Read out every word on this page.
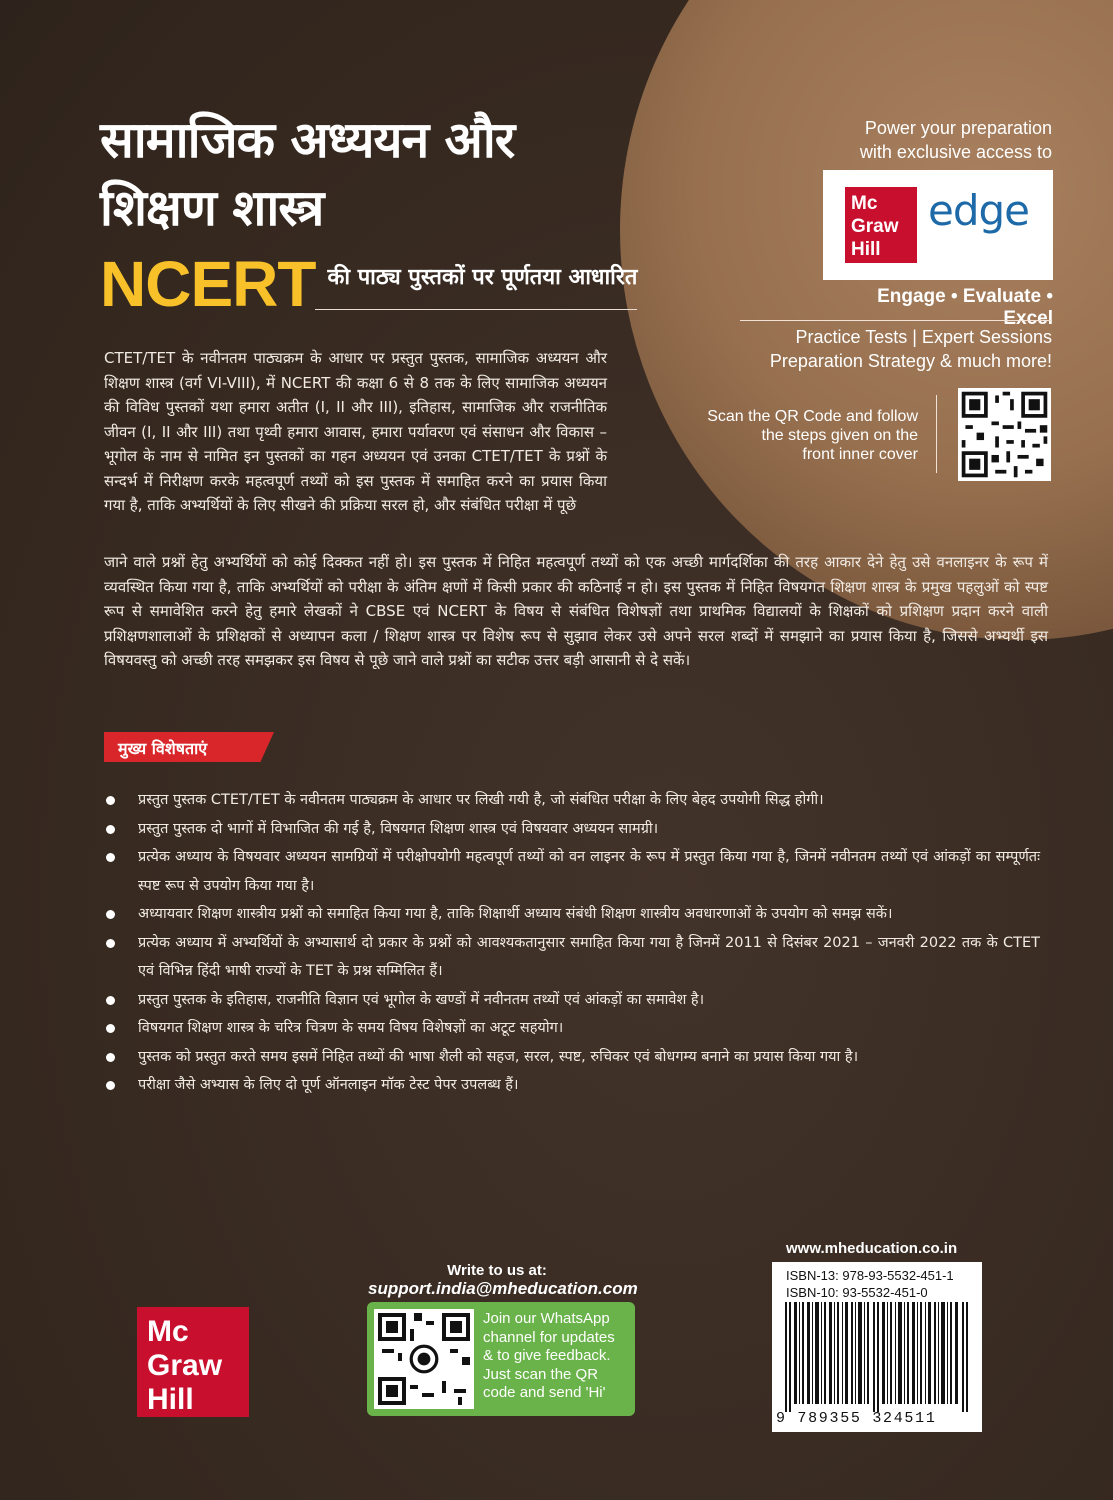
सामाजिक अध्ययन और
शिक्षण शास्त्र
NCERT की पाठ्य पुस्तकों पर पूर्णतया आधारित
Power your preparation
with exclusive access to
Mc
Graw
Hill
edge
Engage • Evaluate • Excel
Practice Tests | Expert Sessions
Preparation Strategy & much more!
Scan the QR Code and follow
the steps given on the
front inner cover
CTET/TET के नवीनतम पाठ्यक्रम के आधार पर प्रस्तुत पुस्तक, सामाजिक अध्ययन और शिक्षण शास्त्र (वर्ग VI-VIII), में NCERT की कक्षा 6 से 8 तक के लिए सामाजिक अध्ययन की विविध पुस्तकों यथा हमारा अतीत (I, II और III), इतिहास, सामाजिक और राजनीतिक जीवन (I, II और III) तथा पृथ्वी हमारा आवास, हमारा पर्यावरण एवं संसाधन और विकास – भूगोल के नाम से नामित इन पुस्तकों का गहन अध्ययन एवं उनका CTET/TET के प्रश्नों के सन्दर्भ में निरीक्षण करके महत्वपूर्ण तथ्यों को इस पुस्तक में समाहित करने का प्रयास किया गया है, ताकि अभ्यर्थियों के लिए सीखने की प्रक्रिया सरल हो, और संबंधित परीक्षा में पूछे
जाने वाले प्रश्नों हेतु अभ्यर्थियों को कोई दिक्कत नहीं हो। इस पुस्तक में निहित महत्वपूर्ण तथ्यों को एक अच्छी मार्गदर्शिका की तरह आकार देने हेतु उसे वनलाइनर के रूप में व्यवस्थित किया गया है, ताकि अभ्यर्थियों को परीक्षा के अंतिम क्षणों में किसी प्रकार की कठिनाई न हो। इस पुस्तक में निहित विषयगत शिक्षण शास्त्र के प्रमुख पहलुओं को स्पष्ट रूप से समावेशित करने हेतु हमारे लेखकों ने CBSE एवं NCERT के विषय से संबंधित विशेषज्ञों तथा प्राथमिक विद्यालयों के शिक्षकों को प्रशिक्षण प्रदान करने वाली प्रशिक्षणशालाओं के प्रशिक्षकों से अध्यापन कला / शिक्षण शास्त्र पर विशेष रूप से सुझाव लेकर उसे अपने सरल शब्दों में समझाने का प्रयास किया है, जिससे अभ्यर्थी इस विषयवस्तु को अच्छी तरह समझकर इस विषय से पूछे जाने वाले प्रश्नों का सटीक उत्तर बड़ी आसानी से दे सकें।
मुख्य विशेषताएं
प्रस्तुत पुस्तक CTET/TET के नवीनतम पाठ्यक्रम के आधार पर लिखी गयी है, जो संबंधित परीक्षा के लिए बेहद उपयोगी सिद्ध होगी।
प्रस्तुत पुस्तक दो भागों में विभाजित की गई है, विषयगत शिक्षण शास्त्र एवं विषयवार अध्ययन सामग्री।
प्रत्येक अध्याय के विषयवार अध्ययन सामग्रियों में परीक्षोपयोगी महत्वपूर्ण तथ्यों को वन लाइनर के रूप में प्रस्तुत किया गया है, जिनमें नवीनतम तथ्यों एवं आंकड़ों का सम्पूर्णतः स्पष्ट रूप से उपयोग किया गया है।
अध्यायवार शिक्षण शास्त्रीय प्रश्नों को समाहित किया गया है, ताकि शिक्षार्थी अध्याय संबंधी शिक्षण शास्त्रीय अवधारणाओं के उपयोग को समझ सकें।
प्रत्येक अध्याय में अभ्यर्थियों के अभ्यासार्थ दो प्रकार के प्रश्नों को आवश्यकतानुसार समाहित किया गया है जिनमें 2011 से दिसंबर 2021 – जनवरी 2022 तक के CTET एवं विभिन्न हिंदी भाषी राज्यों के TET के प्रश्न सम्मिलित हैं।
प्रस्तुत पुस्तक के इतिहास, राजनीति विज्ञान एवं भूगोल के खण्डों में नवीनतम तथ्यों एवं आंकड़ों का समावेश है।
विषयगत शिक्षण शास्त्र के चरित्र चित्रण के समय विषय विशेषज्ञों का अटूट सहयोग।
पुस्तक को प्रस्तुत करते समय इसमें निहित तथ्यों की भाषा शैली को सहज, सरल, स्पष्ट, रुचिकर एवं बोधगम्य बनाने का प्रयास किया गया है।
परीक्षा जैसे अभ्यास के लिए दो पूर्ण ऑनलाइन मॉक टेस्ट पेपर उपलब्ध हैं।
Mc
Graw
Hill
Write to us at:
support.india@mheducation.com
Join our WhatsApp
channel for updates
& to give feedback.
Just scan the QR
code and send 'Hi'
www.mheducation.co.in
ISBN-13: 978-93-5532-451-1
ISBN-10: 93-5532-451-0
9 789355 324511
